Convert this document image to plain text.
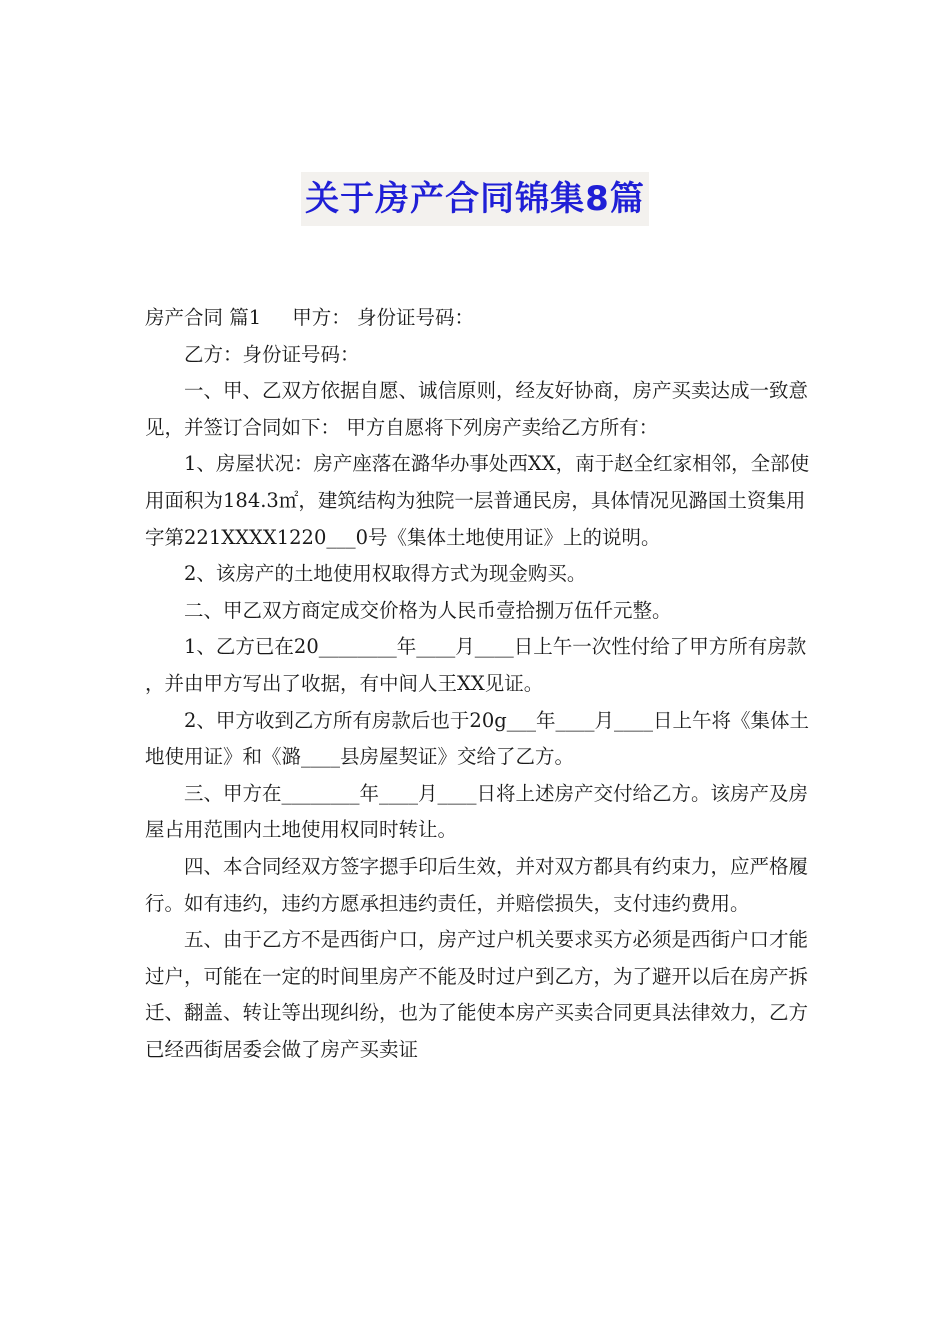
关于房产合同锦集8篇

房产合同 篇1 甲方： 身份证号码：

乙方：身份证号码：

一、甲、乙双方依据自愿、诚信原则，经友好协商，房产买卖达成一致意见，并签订合同如下： 甲方自愿将下列房产卖给乙方所有：

1、房屋状况：房产座落在潞华办事处西XX，南于赵全红家相邻，全部使用面积为184.3㎡，建筑结构为独院一层普通民房，具体情况见潞国土资集用字第221XXXX1220___0号《集体土地使用证》上的说明。

2、该房产的土地使用权取得方式为现金购买。

二、甲乙双方商定成交价格为人民币壹拾捌万伍仟元整。

1、乙方已在20________年____月____日上午一次性付给了甲方所有房款，并由甲方写出了收据，有中间人王XX见证。

2、甲方收到乙方所有房款后也于20g___年____月____日上午将《集体土地使用证》和《潞____县房屋契证》交给了乙方。

三、甲方在________年____月____日将上述房产交付给乙方。该房产及房屋占用范围内土地使用权同时转让。

四、本合同经双方签字摁手印后生效，并对双方都具有约束力，应严格履行。如有违约，违约方愿承担违约责任，并赔偿损失，支付违约费用。

五、由于乙方不是西街户口，房产过户机关要求买方必须是西街户口才能过户，可能在一定的时间里房产不能及时过户到乙方，为了避开以后在房产拆迁、翻盖、转让等出现纠纷，也为了能使本房产买卖合同更具法律效力，乙方已经西街居委会做了房产买卖证
